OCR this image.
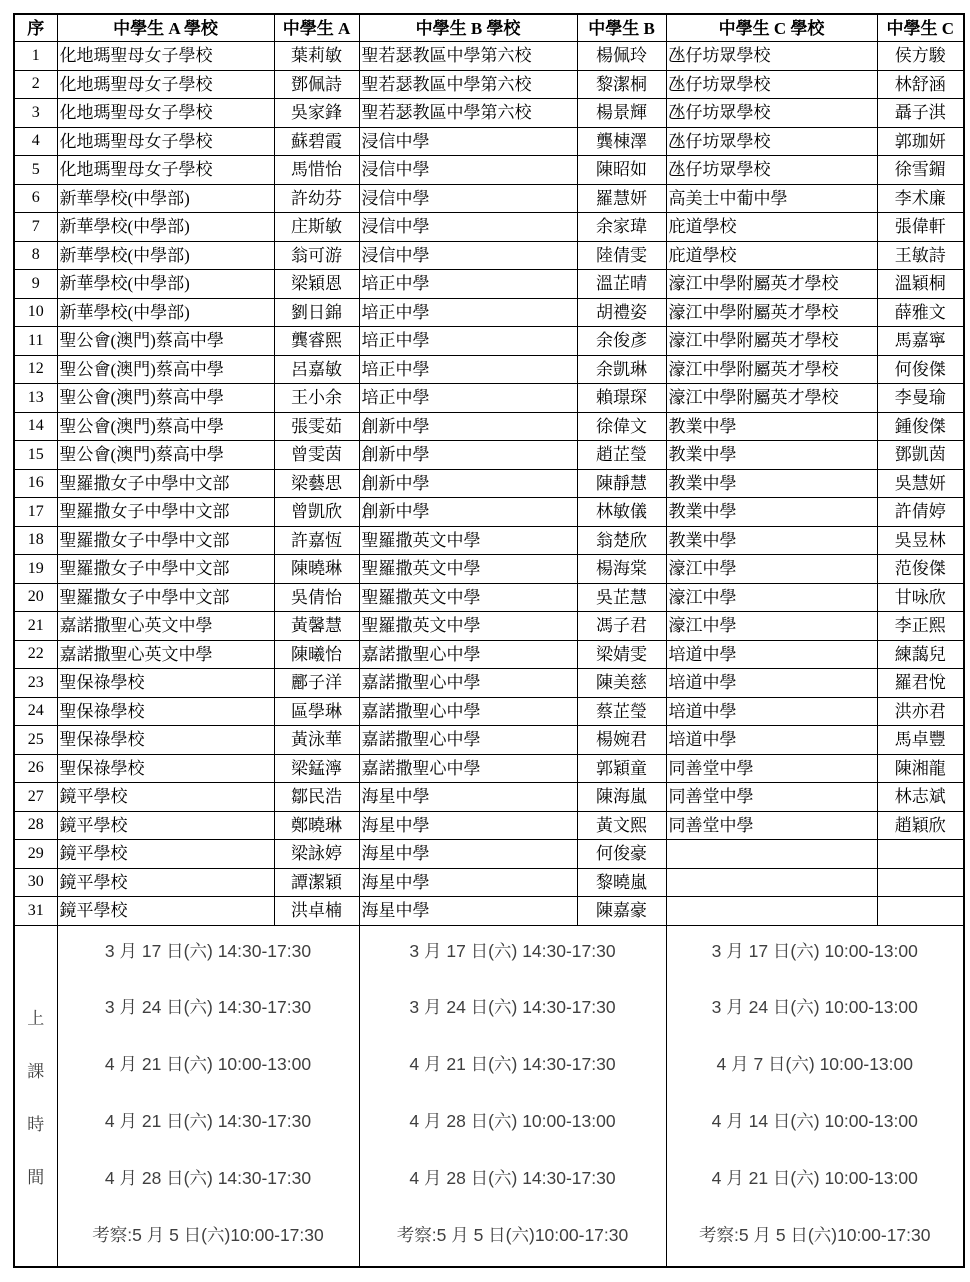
序	中學生 A 學校	中學生 A	中學生 B 學校	中學生 B	中學生 C 學校	中學生 C
1	化地瑪聖母女子學校	葉莉敏	聖若瑟教區中學第六校	楊佩玲	氹仔坊眾學校	侯方駿
2	化地瑪聖母女子學校	鄧佩詩	聖若瑟教區中學第六校	黎潔桐	氹仔坊眾學校	林舒涵
3	化地瑪聖母女子學校	吳家鋒	聖若瑟教區中學第六校	楊景輝	氹仔坊眾學校	聶子淇
4	化地瑪聖母女子學校	蘇碧霞	浸信中學	龔棟澤	氹仔坊眾學校	郭珈妍
5	化地瑪聖母女子學校	馬惜怡	浸信中學	陳昭如	氹仔坊眾學校	徐雪鎇
6	新華學校(中學部)	許幼芬	浸信中學	羅慧妍	高美士中葡中學	李术廉
7	新華學校(中學部)	庄斯敏	浸信中學	余家瑋	庇道學校	張偉軒
8	新華學校(中學部)	翁可游	浸信中學	陸倩雯	庇道學校	王敏詩
9	新華學校(中學部)	梁穎恩	培正中學	溫芷晴	濠江中學附屬英才學校	溫穎桐
10	新華學校(中學部)	劉日錦	培正中學	胡禮姿	濠江中學附屬英才學校	薛雅文
11	聖公會(澳門)蔡高中學	龔睿熙	培正中學	余俊彥	濠江中學附屬英才學校	馬嘉寧
12	聖公會(澳門)蔡高中學	呂嘉敏	培正中學	余凱琳	濠江中學附屬英才學校	何俊傑
13	聖公會(澳門)蔡高中學	王小余	培正中學	賴璟琛	濠江中學附屬英才學校	李曼瑜
14	聖公會(澳門)蔡高中學	張雯茹	創新中學	徐偉文	教業中學	鍾俊傑
15	聖公會(澳門)蔡高中學	曾雯茵	創新中學	趙芷瑩	教業中學	鄧凱茵
16	聖羅撒女子中學中文部	梁藝思	創新中學	陳靜慧	教業中學	吳慧妍
17	聖羅撒女子中學中文部	曾凱欣	創新中學	林敏儀	教業中學	許倩婷
18	聖羅撒女子中學中文部	許嘉恆	聖羅撒英文中學	翁楚欣	教業中學	吳昱林
19	聖羅撒女子中學中文部	陳曉琳	聖羅撒英文中學	楊海棠	濠江中學	范俊傑
20	聖羅撒女子中學中文部	吳倩怡	聖羅撒英文中學	吳芷慧	濠江中學	甘咏欣
21	嘉諾撒聖心英文中學	黃馨慧	聖羅撒英文中學	馮子君	濠江中學	李正熙
22	嘉諾撒聖心英文中學	陳曦怡	嘉諾撒聖心中學	梁婧雯	培道中學	練藹兒
23	聖保祿學校	酈子洋	嘉諾撒聖心中學	陳美慈	培道中學	羅君悅
24	聖保祿學校	區學琳	嘉諾撒聖心中學	蔡芷瑩	培道中學	洪亦君
25	聖保祿學校	黃泳華	嘉諾撒聖心中學	楊婉君	培道中學	馬卓豐
26	聖保祿學校	梁錳濘	嘉諾撒聖心中學	郭穎童	同善堂中學	陳湘龍
27	鏡平學校	鄒民浩	海星中學	陳海嵐	同善堂中學	林志斌
28	鏡平學校	鄭曉琳	海星中學	黃文熙	同善堂中學	趙穎欣
29	鏡平學校	梁詠婷	海星中學	何俊豪		
30	鏡平學校	譚潔穎	海星中學	黎曉嵐		
31	鏡平學校	洪卓楠	海星中學	陳嘉豪		

上
課
時
間

3 月 17 日(六) 14:30-17:30
3 月 24 日(六) 14:30-17:30
4 月 21 日(六) 10:00-13:00
4 月 21 日(六) 14:30-17:30
4 月 28 日(六) 14:30-17:30
考察:5 月 5 日(六)10:00-17:30

3 月 17 日(六) 14:30-17:30
3 月 24 日(六) 14:30-17:30
4 月 21 日(六) 14:30-17:30
4 月 28 日(六) 10:00-13:00
4 月 28 日(六) 14:30-17:30
考察:5 月 5 日(六)10:00-17:30

3 月 17 日(六) 10:00-13:00
3 月 24 日(六) 10:00-13:00
4 月 7 日(六) 10:00-13:00
4 月 14 日(六) 10:00-13:00
4 月 21 日(六) 10:00-13:00
考察:5 月 5 日(六)10:00-17:30
